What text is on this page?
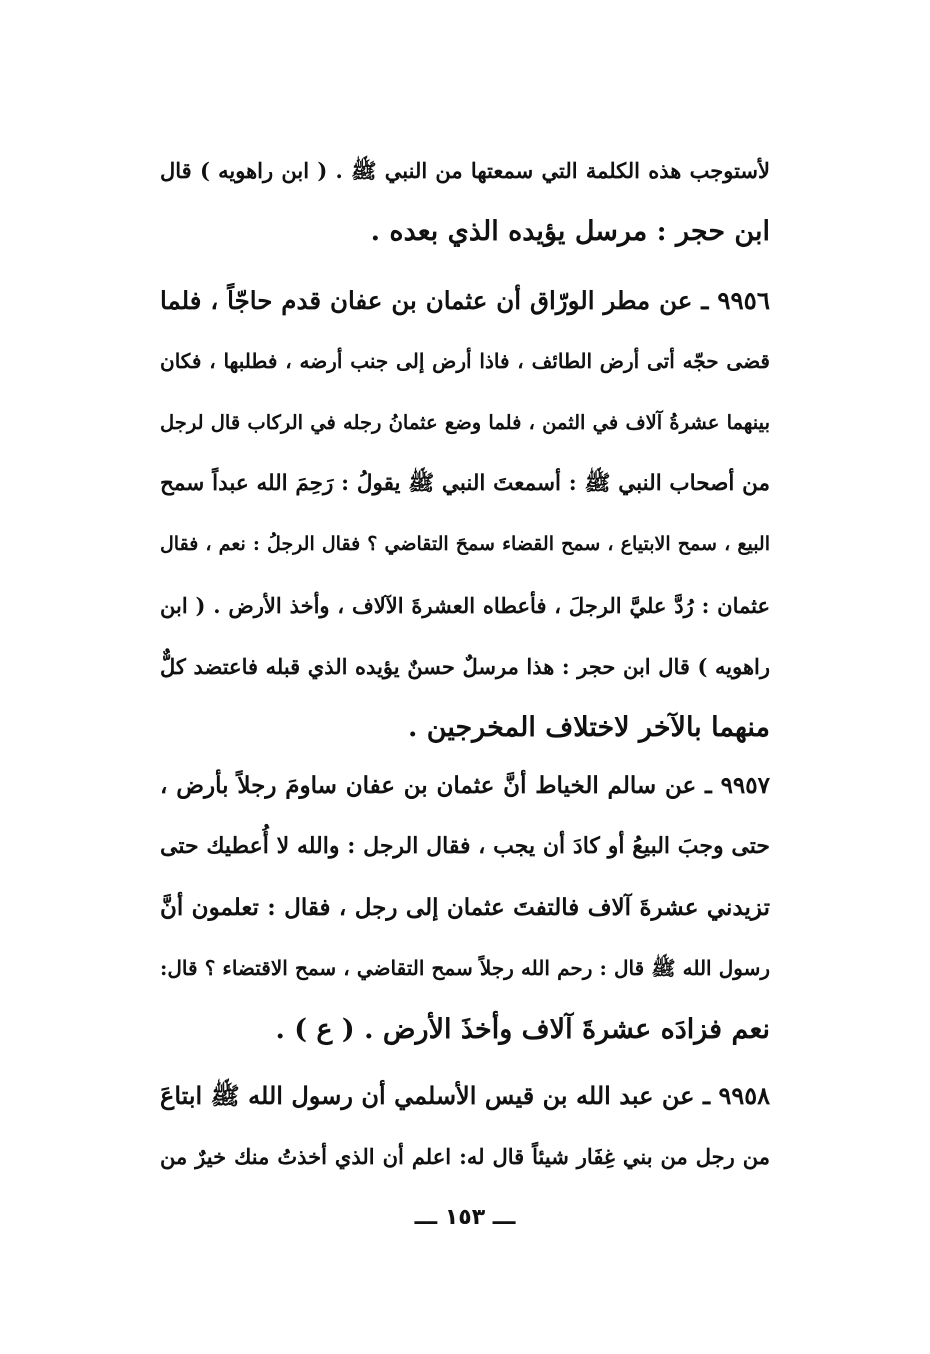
لأستوجب هذه الكلمة التي سمعتها من النبي ﷺ . ( ابن راهويه ) قال
ابن حجر : مرسل يؤيده الذي بعده .
٩٩٥٦ ـ عن مطر الورّاق أن عثمان بن عفان قدم حاجّاً ، فلما
قضى حجّه أتى أرض الطائف ، فاذا أرض إلى جنب أرضه ، فطلبها ، فكان
بينهما عشرةُ آلاف في الثمن ، فلما وضع عثمانُ رجله في الركاب قال لرجل
من أصحاب النبي ﷺ : أسمعتَ النبي ﷺ يقولُ : رَحِمَ الله عبداً سمح
البيع ، سمح الابتياع ، سمح القضاء سمحَ التقاضي ؟ فقال الرجلُ : نعم ، فقال
عثمان : رُدَّ عليَّ الرجلَ ، فأعطاه العشرةَ الآلاف ، وأخذ الأرض . ( ابن
راهويه ) قال ابن حجر : هذا مرسلٌ حسنٌ يؤيده الذي قبله فاعتضد كلٌّ
منهما بالآخر لاختلاف المخرجين .
٩٩٥٧ ـ عن سالم الخياط أنَّ عثمان بن عفان ساومَ رجلاً بأرض ،
حتى وجبَ البيعُ أو كادَ أن يجب ، فقال الرجل : والله لا أُعطيك حتى
تزيدني عشرةَ آلاف فالتفتَ عثمان إلى رجل ، فقال : تعلمون أنَّ
رسول الله ﷺ قال : رحم الله رجلاً سمح التقاضي ، سمح الاقتضاء ؟ قال:
نعم فزادَه عشرةَ آلاف وأخذَ الأرض . ( ع ) .
٩٩٥٨ ـ عن عبد الله بن قيس الأسلمي أن رسول الله ﷺ ابتاعَ
من رجل من بني غِفَار شيئاً قال له: اعلم أن الذي أخذتُ منك خيرٌ من
ـــ ١٥٣ ـــ
